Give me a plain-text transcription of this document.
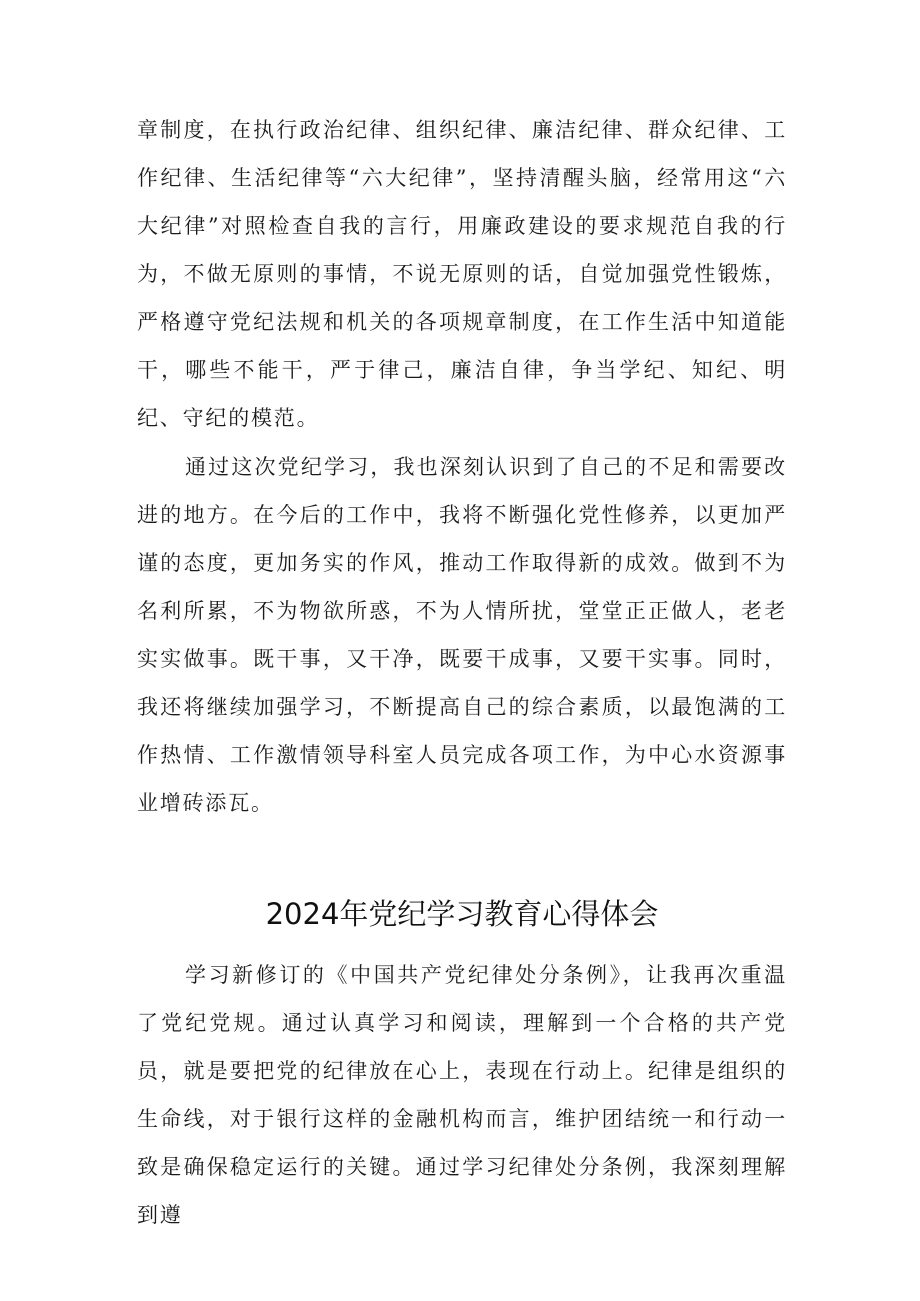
章制度，在执行政治纪律、组织纪律、廉洁纪律、群众纪律、工作纪律、生活纪律等“六大纪律”，坚持清醒头脑，经常用这“六大纪律”对照检查自我的言行，用廉政建设的要求规范自我的行为，不做无原则的事情，不说无原则的话，自觉加强党性锻炼，严格遵守党纪法规和机关的各项规章制度，在工作生活中知道能干，哪些不能干，严于律己，廉洁自律，争当学纪、知纪、明纪、守纪的模范。
通过这次党纪学习，我也深刻认识到了自己的不足和需要改进的地方。在今后的工作中，我将不断强化党性修养，以更加严谨的态度，更加务实的作风，推动工作取得新的成效。做到不为名利所累，不为物欲所惑，不为人情所扰，堂堂正正做人，老老实实做事。既干事，又干净，既要干成事，又要干实事。同时，我还将继续加强学习，不断提高自己的综合素质，以最饱满的工作热情、工作激情领导科室人员完成各项工作，为中心水资源事业增砖添瓦。
2024年党纪学习教育心得体会
学习新修订的《中国共产党纪律处分条例》，让我再次重温了党纪党规。通过认真学习和阅读，理解到一个合格的共产党员，就是要把党的纪律放在心上，表现在行动上。纪律是组织的生命线，对于银行这样的金融机构而言，维护团结统一和行动一致是确保稳定运行的关键。通过学习纪律处分条例，我深刻理解到遵
